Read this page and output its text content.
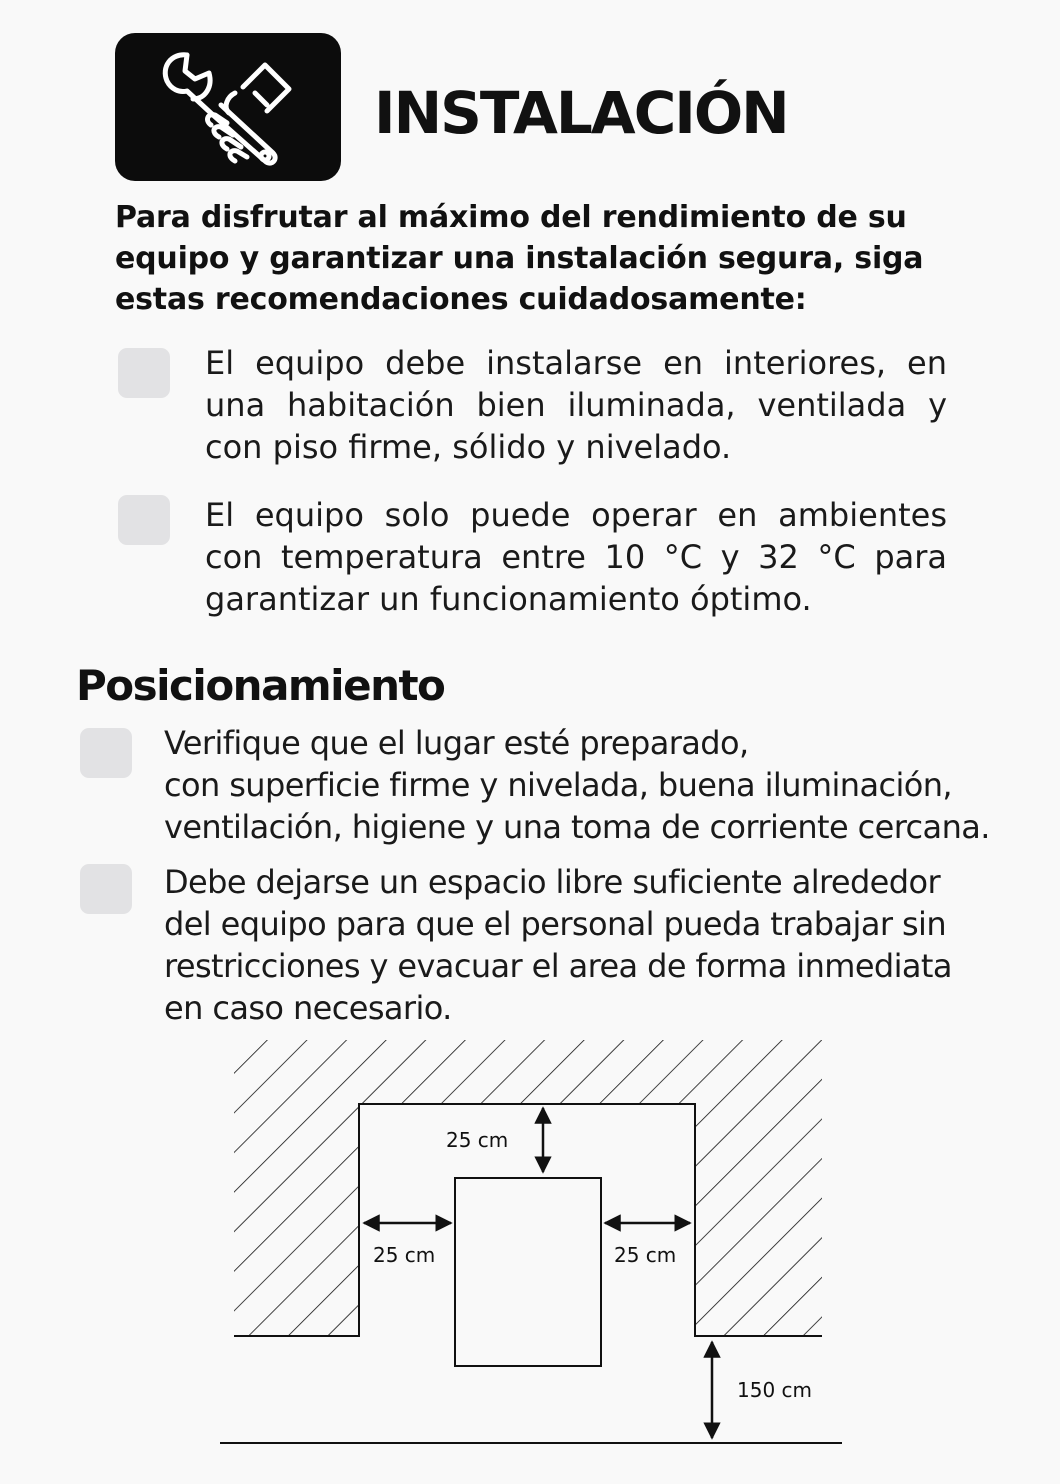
INSTALACIÓN
Para disfrutar al máximo del rendimiento de su equipo y garantizar una instalación segura, siga estas recomendaciones cuidadosamente:
El equipo debe instalarse en interiores, en una habitación bien iluminada, ventilada y con piso firme, sólido y nivelado.
El equipo solo puede operar en ambientes con temperatura entre 10 °C y 32 °C para garantizar un funcionamiento óptimo.
Posicionamiento
Verifique que el lugar esté preparado,
con superficie firme y nivelada, buena iluminación,
ventilación, higiene y una toma de corriente cercana.
Debe dejarse un espacio libre suficiente alrededor
del equipo para que el personal pueda trabajar sin
restricciones y evacuar el area de forma inmediata
en caso necesario.
25 cm
25 cm	25 cm
150 cm
